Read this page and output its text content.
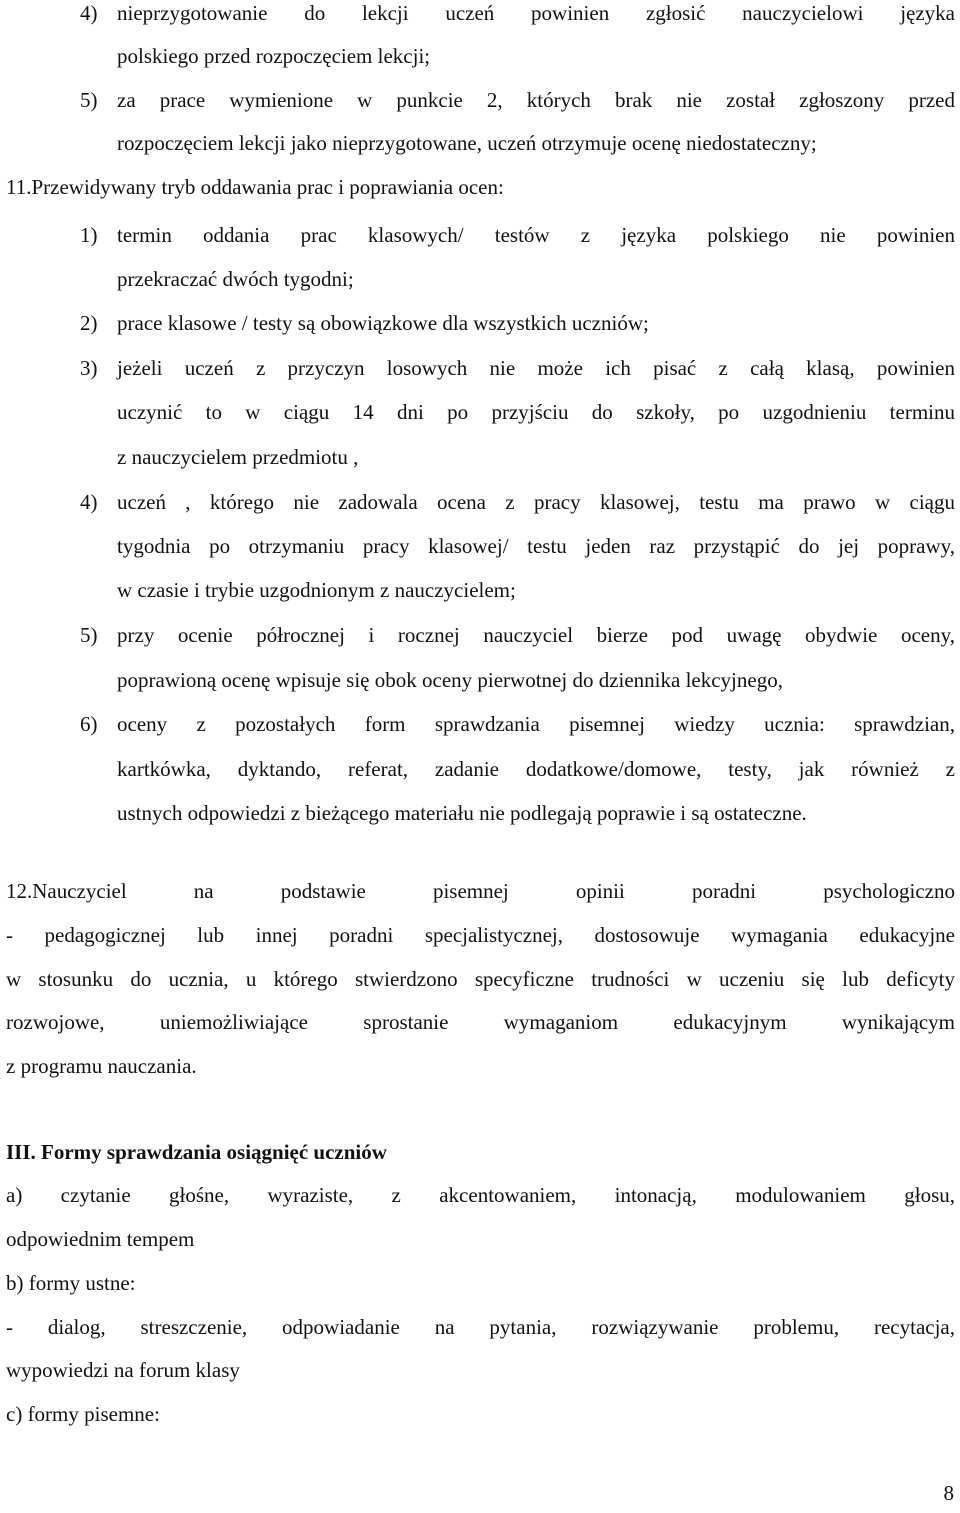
4) nieprzygotowanie do lekcji uczeń powinien zgłosić nauczycielowi języka
polskiego przed rozpoczęciem lekcji;
5) za prace wymienione w punkcie 2, których brak nie został zgłoszony przed
rozpoczęciem lekcji jako nieprzygotowane, uczeń otrzymuje ocenę niedostateczny;
11.Przewidywany tryb oddawania prac i poprawiania ocen:
1) termin oddania prac klasowych/ testów z języka polskiego nie powinien
przekraczać dwóch tygodni;
2) prace klasowe / testy są obowiązkowe dla wszystkich uczniów;
3) jeżeli uczeń z przyczyn losowych nie może ich pisać z całą klasą, powinien
uczynić to w ciągu 14 dni po przyjściu do szkoły, po uzgodnieniu terminu
z nauczycielem przedmiotu ,
4) uczeń , którego nie zadowala ocena z pracy klasowej, testu ma prawo w ciągu
tygodnia po otrzymaniu pracy klasowej/ testu jeden raz przystąpić do jej poprawy,
w czasie i trybie uzgodnionym z nauczycielem;
5) przy ocenie półrocznej i rocznej nauczyciel bierze pod uwagę obydwie oceny,
poprawioną ocenę wpisuje się obok oceny pierwotnej do dziennika lekcyjnego,
6) oceny z pozostałych form sprawdzania pisemnej wiedzy ucznia: sprawdzian,
kartkówka, dyktando, referat, zadanie dodatkowe/domowe, testy, jak również z
ustnych odpowiedzi z bieżącego materiału nie podlegają poprawie i są ostateczne.
12.Nauczyciel na podstawie pisemnej opinii poradni psychologiczno
- pedagogicznej lub innej poradni specjalistycznej, dostosowuje wymagania edukacyjne
w stosunku do ucznia, u którego stwierdzono specyficzne trudności w uczeniu się lub deficyty
rozwojowe, uniemożliwiające sprostanie wymaganiom edukacyjnym wynikającym
z programu nauczania.
III. Formy sprawdzania osiągnięć uczniów
a) czytanie głośne, wyraziste, z akcentowaniem, intonacją, modulowaniem głosu,
odpowiednim tempem
b) formy ustne:
- dialog, streszczenie, odpowiadanie na pytania, rozwiązywanie problemu, recytacja,
wypowiedzi na forum klasy
c) formy pisemne:
8
